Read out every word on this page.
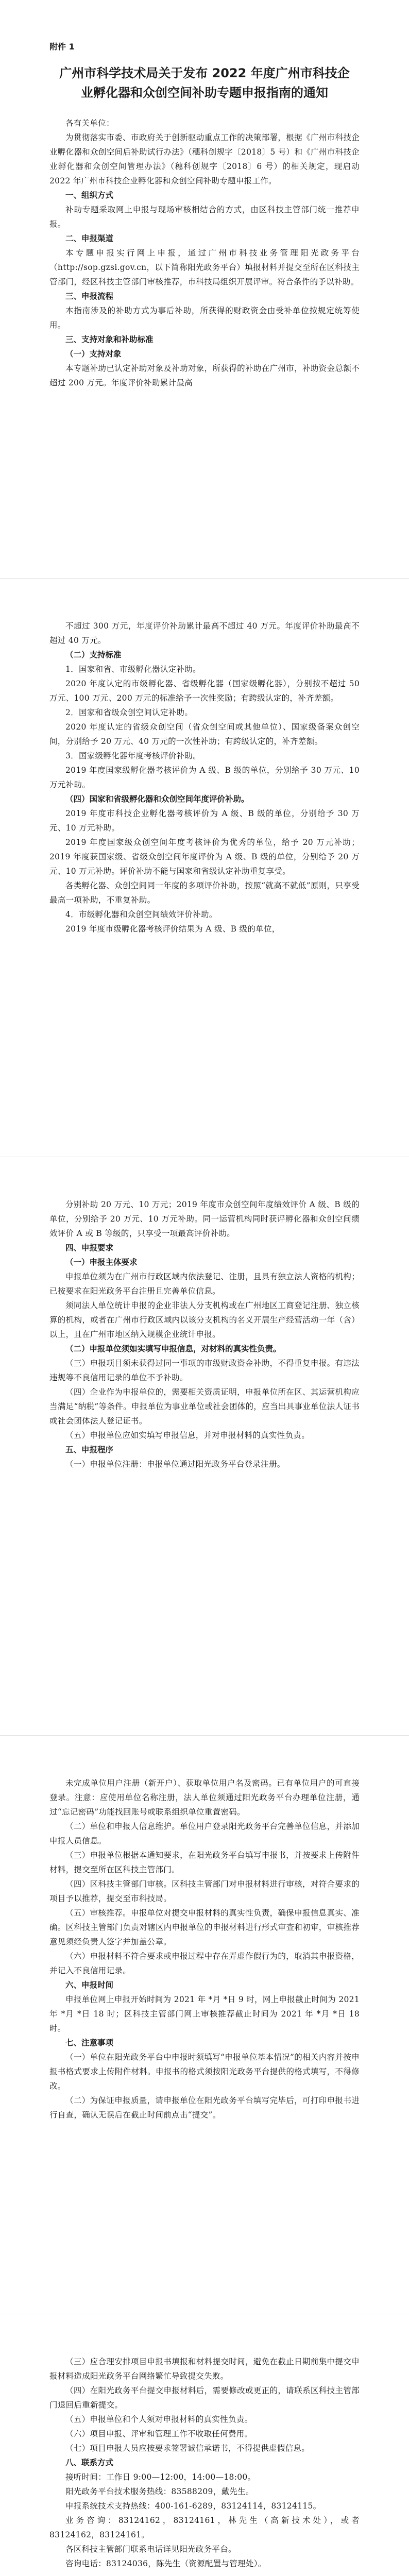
附件 1
广州市科学技术局关于发布 2022 年度广州市科技企业孵化器和众创空间补助专题申报指南的通知

各有关单位：

为贯彻落实市委、市政府关于创新驱动重点工作的决策部署，根据《广州市科技企业孵化器和众创空间后补助试行办法》（穗科创规字〔2018〕5 号）和《广州市科技企业孵化器和众创空间管理办法》（穗科创规字〔2018〕6 号）的相关规定，现启动 2022 年广州市科技企业孵化器和众创空间补助专题申报工作。

一、组织方式

补助专题采取网上申报与现场审核相结合的方式，由区科技主管部门统一推荐申报。

二、申报渠道

本专题申报实行网上申报，通过广州市科技业务管理阳光政务平台（http://sop.gzsi.gov.cn，以下简称阳光政务平台）填报材料并提交至所在区科技主管部门，经区科技主管部门审核推荐，市科技局组织开展评审。符合条件的予以补助。

三、申报流程

本指南涉及的补助方式为事后补助，所获得的财政资金由受补单位按规定统筹使用。

三、支持对象和补助标准
（一）支持对象

本专题补助已认定补助对象及补助对象，所获得的补助在广州市，补助资金总额不超过 200 万元。年度评价补助累计最高

不超过 300 万元，年度评价补助累计最高不超过 40 万元。年度评价补助最高不超过 40 万元。

（二）支持标准

1．国家和省、市级孵化器认定补助。

2020 年度认定的市级孵化器、省级孵化器（国家级孵化器），分别按不超过 50 万元、100 万元、200 万元的标准给予一次性奖励；有跨级认定的，补齐差额。

2．国家和省级众创空间认定补助。

2020 年度认定的省级众创空间（省众创空间或其他单位）、国家级备案众创空间，分别给予 20 万元、40 万元的一次性补助；有跨级认定的，补齐差额。

3．国家级孵化器年度考核评价补助。

2019 年度国家级孵化器考核评价为 A 级、B 级的单位，分别给予 30 万元、10 万元补助。

（四）国家和省级孵化器和众创空间年度评价补助。

2019 年度市科技企业孵化器考核评价为 A 级、B 级的单位，分别给予 30 万元、10 万元补助。

2019 年度国家级众创空间年度考核评价为优秀的单位，给予 20 万元补助；2019 年度获国家级、省级众创空间年度评价为 A 级、B 级的单位，分别给予 20 万元、10 万元补助。评价补助不能与国家和省级认定补助重复享受。

各类孵化器、众创空间同一年度的多项评价补助，按照“就高不就低”原则，只享受最高一项补助，不重复补助。

4．市级孵化器和众创空间绩效评价补助。

2019 年度市级孵化器考核评价结果为 A 级、B 级的单位，

分别补助 20 万元、10 万元；2019 年度市众创空间年度绩效评价 A 级、B 级的单位，分别给予 20 万元、10 万元补助。同一运营机构同时获评孵化器和众创空间绩效评价 A 或 B 等级的，只享受一项最高评价补助。

四、申报要求
（一）申报主体要求

申报单位须为在广州市行政区域内依法登记、注册，且具有独立法人资格的机构；已按要求在阳光政务平台注册且完善单位信息。

须同法人单位统计申报的企业非法人分支机构或在广州地区工商登记注册、独立核算的机构，或者在广州市行政区域内以该分支机构的名义开展生产经营活动一年（含）以上，且在广州市地区纳入规模企业统计申报。

（二）申报单位须如实填写申报信息，对材料的真实性负责。

（三）申报项目须未获得过同一事项的市级财政资金补助，不得重复申报。有违法违规等不良信用记录的单位不予补助。

（四）企业作为申报单位的，需要相关资质证明，申报单位所在区、其运营机构应当满足“纳税”等条件。申报单位为事业单位或社会团体的，应当出具事业单位法人证书或社会团体法人登记证书。

（五）申报单位应如实填写申报信息，并对申报材料的真实性负责。

五、申报程序

（一）申报单位注册：申报单位通过阳光政务平台登录注册。

未完成单位用户注册（新开户）、获取单位用户名及密码。已有单位用户的可直接登录。注意：应使用单位名称注册，法人单位须通过阳光政务平台办理单位注册，通过“忘记密码”功能找回账号或联系组织单位重置密码。

（二）单位和申报人信息维护。单位用户登录阳光政务平台完善单位信息，并添加申报人员信息。

（三）申报单位根据本通知要求，在阳光政务平台填写申报书，并按要求上传附件材料，提交至所在区科技主管部门。

（四）区科技主管部门审核。区科技主管部门对申报材料进行审核，对符合要求的项目予以推荐，提交至市科技局。

（五）审核推荐。申报单位对提交申报材料的真实性负责，确保申报信息真实、准确。区科技主管部门负责对辖区内申报单位的申报材料进行形式审查和初审，审核推荐意见须经负责人签字并加盖公章。

（六）申报材料不符合要求或申报过程中存在弄虚作假行为的，取消其申报资格，并记入不良信用记录。

六、申报时间

申报单位网上申报开始时间为 2021 年 *月 *日 9 时，网上申报截止时间为 2021 年 *月 *日 18 时；区科技主管部门网上审核推荐截止时间为 2021 年 *月 *日 18 时。

七、注意事项

（一）单位在阳光政务平台中申报时须填写“申报单位基本情况”的相关内容并按申报书格式要求上传附件材料。申报书的格式须按阳光政务平台提供的格式填写，不得修改。

（二）为保证申报质量，请申报单位在阳光政务平台填写完毕后，可打印申报书进行自查，确认无误后在截止时间前点击“提交”。

（三）应合理安排项目申报书填报和材料提交时间，避免在截止日期前集中提交申报材料造成阳光政务平台网络繁忙导致提交失败。

（四）在阳光政务平台提交申报材料后，需要修改或更正的，请联系区科技主管部门退回后重新提交。

（五）申报单位和个人须对申报材料的真实性负责。

（六）项目申报、评审和管理工作不收取任何费用。

（七）项目申报人员应按要求签署诚信承诺书，不得提供虚假信息。

八、联系方式

接听时间：工作日 9:00—12:00，14:00—18:00。

阳光政务平台技术服务热线：83588209，戴先生。

申报系统技术支持热线：400-161-6289，83124114，83124115。

业务咨询：83124162，83124161，林先生（高新技术处），或者 83124162，83124161。

各区科技主管部门联系电话详见阳光政务平台。

咨询电话：83124036，陈先生（资源配置与管理处）。
